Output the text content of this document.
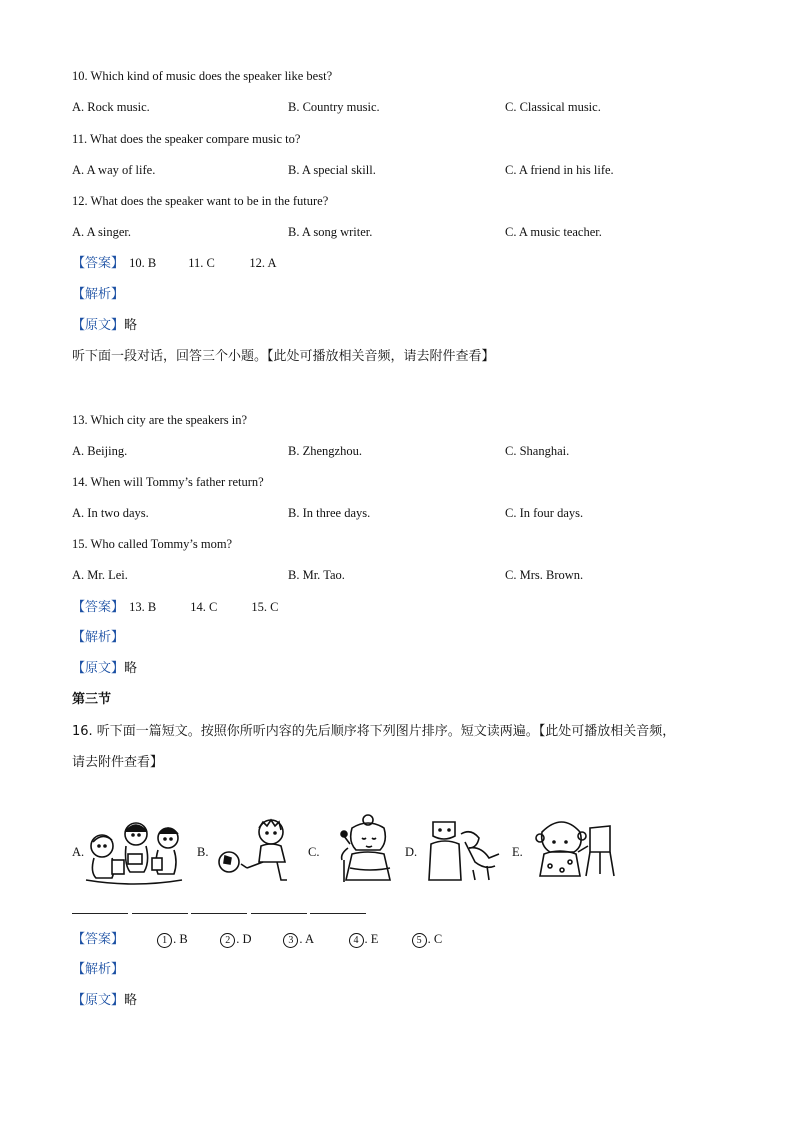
10. Which kind of music does the speaker like best?
A. Rock music.	B. Country music.	C. Classical music.
11. What does the speaker compare music to?
A. A way of life.	B. A special skill.	C. A friend in his life.
12. What does the speaker want to be in the future?
A. A singer.	B. A song writer.	C. A music teacher.
【答案】 10. B	11. C	12. A
【解析】
【原文】略
听下面一段对话，回答三个小题。【此处可播放相关音频，请去附件查看】
13. Which city are the speakers in?
A. Beijing.	B. Zhengzhou.	C. Shanghai.
14. When will Tommy’s father return?
A. In two days.	B. In three days.	C. In four days.
15. Who called Tommy’s mom?
A. Mr. Lei.	B. Mr. Tao.	C. Mrs. Brown.
【答案】 13. B	14. C	15. C
【解析】
【原文】略
第三节
16. 听下面一篇短文。按照你所听内容的先后顺序将下列图片排序。短文读两遍。【此处可播放相关音频，
请去附件查看】
A.	B.	C.	D.	E.
【答案】	1 . B	2 . D	3 . A	4 . E	5 . C
【解析】
【原文】略
